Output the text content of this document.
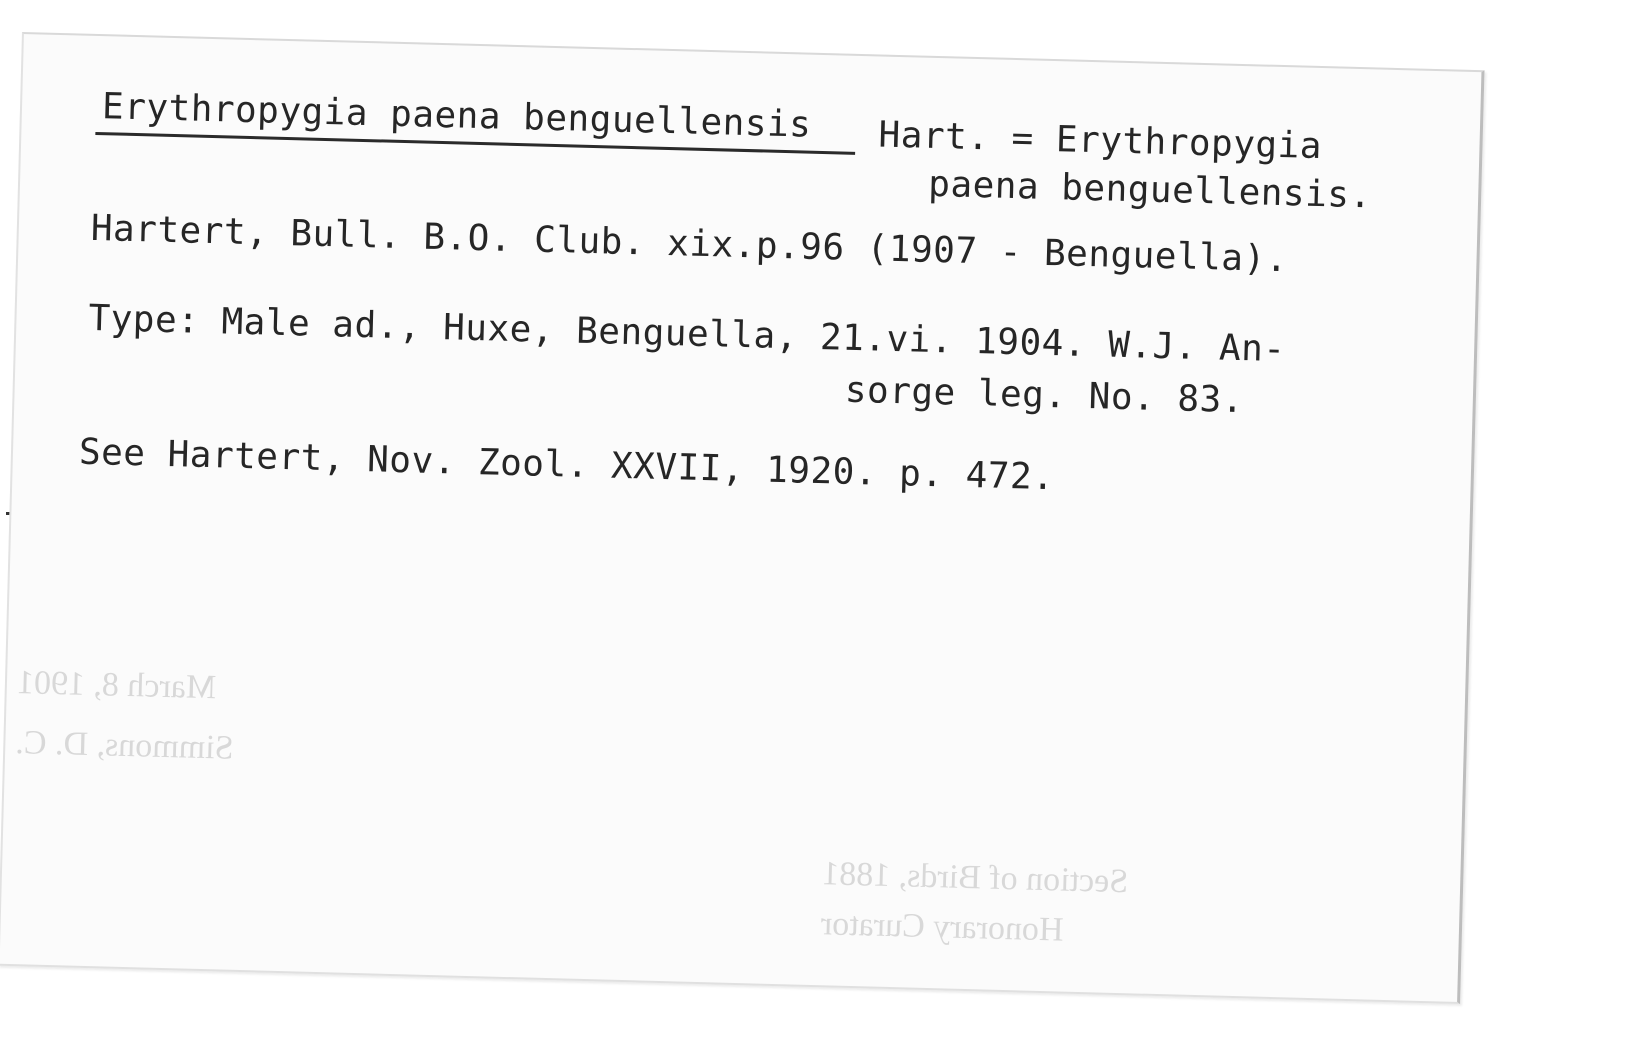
March 8, 1901
Simmons, D. C.
Section of Birds, 1881
Honorary Curator
Erythropygia paena benguellensis Hart. = Erythropygia
paena benguellensis.
Hartert, Bull. B.O. Club. xix.p.96 (1907 - Benguella).
Type: Male ad., Huxe, Benguella, 21.vi. 1904. W.J. An-
sorge leg. No. 83.
See Hartert, Nov. Zool. XXVII, 1920. p. 472.
